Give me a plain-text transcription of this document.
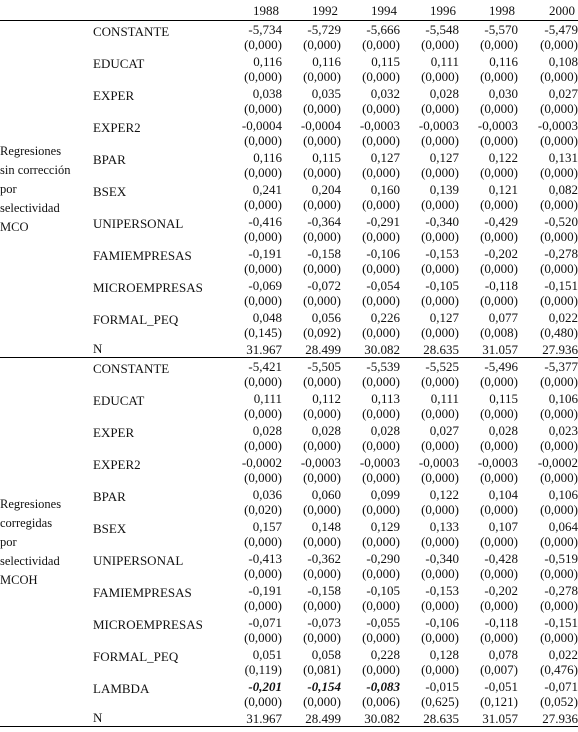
		1988	1992	1994	1996	1998	2000

Regresiones
sin corrección
por
selectividad
MCO	CONSTANTE	-5,734	-5,729	-5,666	-5,548	-5,570	-5,479
		(0,000)	(0,000)	(0,000)	(0,000)	(0,000)	(0,000)
	EDUCAT	0,116	0,116	0,115	0,111	0,116	0,108
		(0,000)	(0,000)	(0,000)	(0,000)	(0,000)	(0,000)
	EXPER	0,038	0,035	0,032	0,028	0,030	0,027
		(0,000)	(0,000)	(0,000)	(0,000)	(0,000)	(0,000)
	EXPER2	-0,0004	-0,0004	-0,0003	-0,0003	-0,0003	-0,0003
		(0,000)	(0,000)	(0,000)	(0,000)	(0,000)	(0,000)
	BPAR	0,116	0,115	0,127	0,127	0,122	0,131
		(0,000)	(0,000)	(0,000)	(0,000)	(0,000)	(0,000)
	BSEX	0,241	0,204	0,160	0,139	0,121	0,082
		(0,000)	(0,000)	(0,000)	(0,000)	(0,000)	(0,000)
	UNIPERSONAL	-0,416	-0,364	-0,291	-0,340	-0,429	-0,520
		(0,000)	(0,000)	(0,000)	(0,000)	(0,000)	(0,000)
	FAMIEMPRESAS	-0,191	-0,158	-0,106	-0,153	-0,202	-0,278
		(0,000)	(0,000)	(0,000)	(0,000)	(0,000)	(0,000)
	MICROEMPRESAS	-0,069	-0,072	-0,054	-0,105	-0,118	-0,151
		(0,000)	(0,000)	(0,000)	(0,000)	(0,000)	(0,000)
	FORMAL_PEQ	0,048	0,056	0,226	0,127	0,077	0,022
		(0,145)	(0,092)	(0,000)	(0,000)	(0,008)	(0,480)
	N	31.967	28.499	30.082	28.635	31.057	27.936

Regresiones
corregidas
por
selectividad
MCOH	CONSTANTE	-5,421	-5,505	-5,539	-5,525	-5,496	-5,377
		(0,000)	(0,000)	(0,000)	(0,000)	(0,000)	(0,000)
	EDUCAT	0,111	0,112	0,113	0,111	0,115	0,106
		(0,000)	(0,000)	(0,000)	(0,000)	(0,000)	(0,000)
	EXPER	0,028	0,028	0,028	0,027	0,028	0,023
		(0,000)	(0,000)	(0,000)	(0,000)	(0,000)	(0,000)
	EXPER2	-0,0002	-0,0003	-0,0003	-0,0003	-0,0003	-0,0002
		(0,000)	(0,000)	(0,000)	(0,000)	(0,000)	(0,000)
	BPAR	0,036	0,060	0,099	0,122	0,104	0,106
		(0,020)	(0,000)	(0,000)	(0,000)	(0,000)	(0,000)
	BSEX	0,157	0,148	0,129	0,133	0,107	0,064
		(0,000)	(0,000)	(0,000)	(0,000)	(0,000)	(0,000)
	UNIPERSONAL	-0,413	-0,362	-0,290	-0,340	-0,428	-0,519
		(0,000)	(0,000)	(0,000)	(0,000)	(0,000)	(0,000)
	FAMIEMPRESAS	-0,191	-0,158	-0,105	-0,153	-0,202	-0,278
		(0,000)	(0,000)	(0,000)	(0,000)	(0,000)	(0,000)
	MICROEMPRESAS	-0,071	-0,073	-0,055	-0,106	-0,118	-0,151
		(0,000)	(0,000)	(0,000)	(0,000)	(0,000)	(0,000)
	FORMAL_PEQ	0,051	0,058	0,228	0,128	0,078	0,022
		(0,119)	(0,081)	(0,000)	(0,000)	(0,007)	(0,476)
	LAMBDA	-0,201	-0,154	-0,083	-0,015	-0,051	-0,071
		(0,000)	(0,000)	(0,006)	(0,625)	(0,121)	(0,052)
	N	31.967	28.499	30.082	28.635	31.057	27.936
